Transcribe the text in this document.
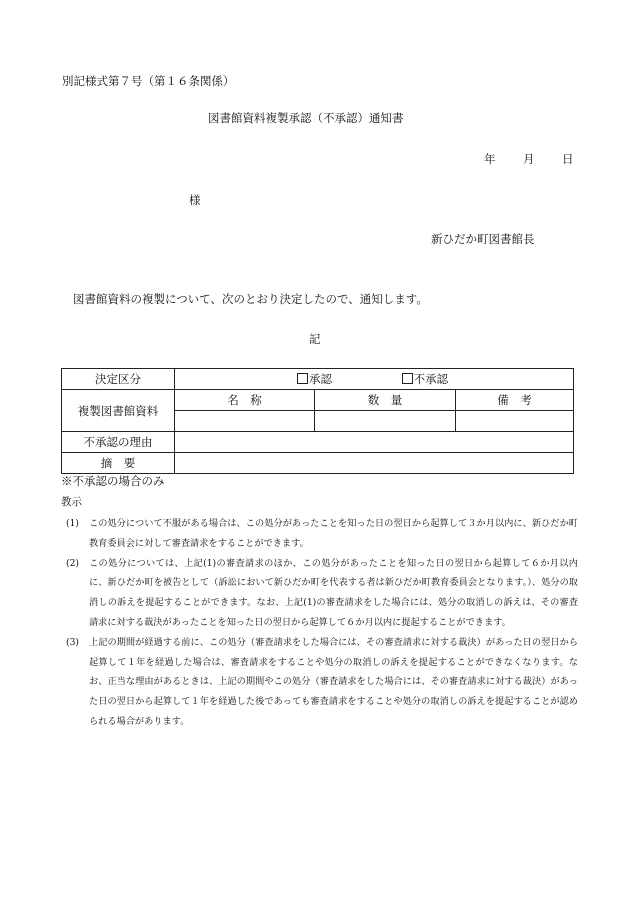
別記様式第７号（第１６条関係）
図書館資料複製承認（不承認）通知書
年 月 日
様
新ひだか町図書館長
図書館資料の複製について、次のとおり決定したので、通知します。
記
決定区分	承認 不承認		
複製図書館資料	名　称	数　量	備　考

不承認の理由			
摘　要			
※不承認の場合のみ
教示
(1) この処分について不服がある場合は、この処分があったことを知った日の翌日から起算して３か月以内に、新ひだか町教育委員会に対して審査請求をすることができます。
(2) この処分については、上記(1)の審査請求のほか、この処分があったことを知った日の翌日から起算して６か月以内に、新ひだか町を被告として（訴訟において新ひだか町を代表する者は新ひだか町教育委員会となります。）、処分の取消しの訴えを提起することができます。なお、上記(1)の審査請求をした場合には、処分の取消しの訴えは、その審査請求に対する裁決があったことを知った日の翌日から起算して６か月以内に提起することができます。
(3) 上記の期間が経過する前に、この処分（審査請求をした場合には、その審査請求に対する裁決）があった日の翌日から起算して１年を経過した場合は、審査請求をすることや処分の取消しの訴えを提起することができなくなります。なお、正当な理由があるときは、上記の期間やこの処分（審査請求をした場合には、その審査請求に対する裁決）があった日の翌日から起算して１年を経過した後であっても審査請求をすることや処分の取消しの訴えを提起することが認められる場合があります。
